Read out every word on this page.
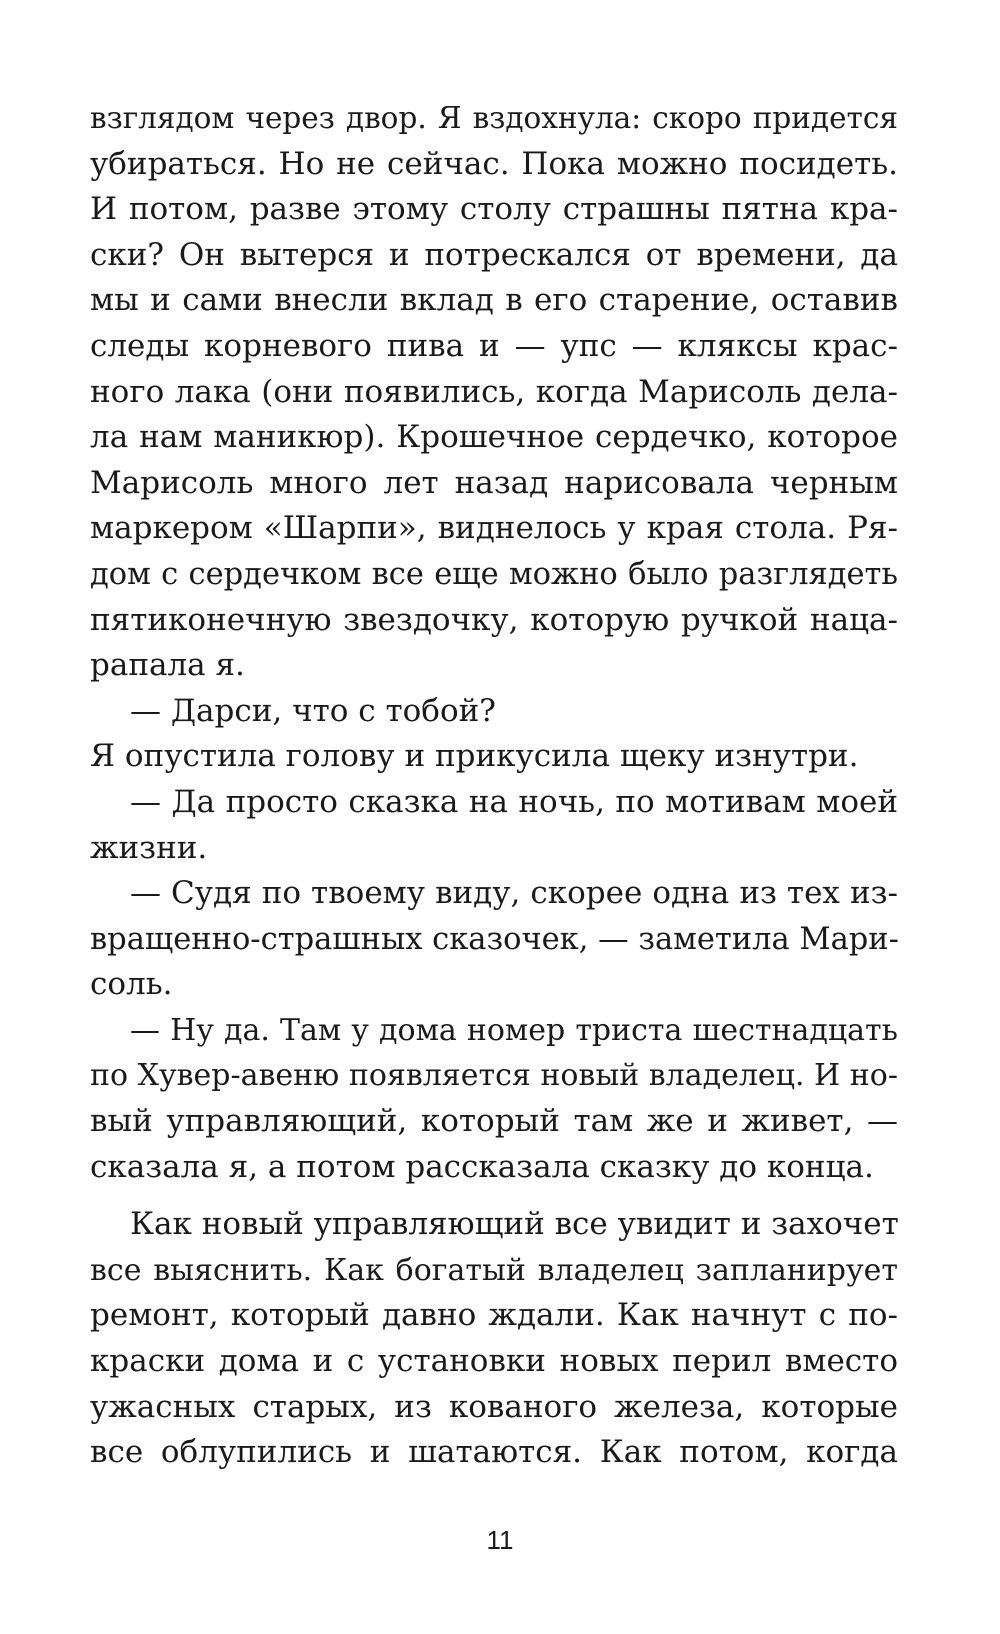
взглядом через двор. Я вздохнула: скоро придется
убираться. Но не сейчас. Пока можно посидеть.
И потом, разве этому столу страшны пятна кра-
ски? Он вытерся и потрескался от времени, да
мы и сами внесли вклад в его старение, оставив
следы корневого пива и — упс — кляксы крас-
ного лака (они появились, когда Марисоль дела-
ла нам маникюр). Крошечное сердечко, которое
Марисоль много лет назад нарисовала черным
маркером «Шарпи», виднелось у края стола. Ря-
дом с сердечком все еще можно было разглядеть
пятиконечную звездочку, которую ручкой наца-
рапала я.
— Дарси, что с тобой?
Я опустила голову и прикусила щеку изнутри.
— Да просто сказка на ночь, по мотивам моей
жизни.
— Судя по твоему виду, скорее одна из тех из-
вращенно-страшных сказочек, — заметила Мари-
соль.
— Ну да. Там у дома номер триста шестнадцать
по Хувер-авеню появляется новый владелец. И но-
вый управляющий, который там же и живет, —
сказала я, а потом рассказала сказку до конца.
Как новый управляющий все увидит и захочет
все выяснить. Как богатый владелец запланирует
ремонт, который давно ждали. Как начнут с по-
краски дома и с установки новых перил вместо
ужасных старых, из кованого железа, которые
все облупились и шатаются. Как потом, когда
11
